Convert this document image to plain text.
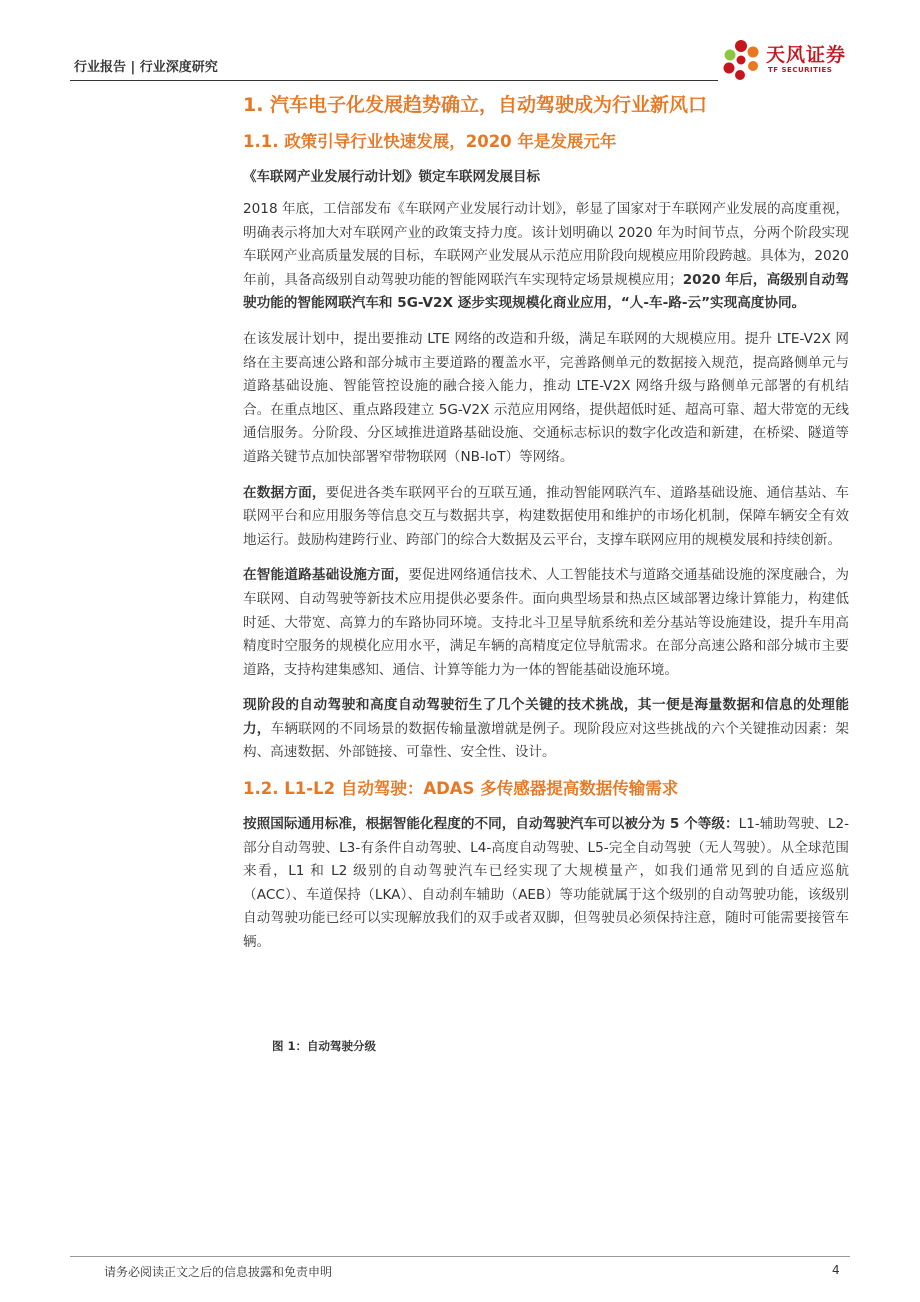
行业报告 | 行业深度研究
天风证券
TF SECURITIES
1. 汽车电子化发展趋势确立，自动驾驶成为行业新风口
1.1. 政策引导行业快速发展，2020 年是发展元年
《车联网产业发展行动计划》锁定车联网发展目标

2018 年底，工信部发布《车联网产业发展行动计划》，彰显了国家对于车联网产业发展的高度重视，明确表示将加大对车联网产业的政策支持力度。该计划明确以 2020 年为时间节点，分两个阶段实现车联网产业高质量发展的目标，车联网产业发展从示范应用阶段向规模应用阶段跨越。具体为，2020 年前，具备高级别自动驾驶功能的智能网联汽车实现特定场景规模应用；2020 年后，高级别自动驾驶功能的智能网联汽车和 5G-V2X 逐步实现规模化商业应用，“人-车-路-云”实现高度协同。

在该发展计划中，提出要推动 LTE 网络的改造和升级，满足车联网的大规模应用。提升 LTE-V2X 网络在主要高速公路和部分城市主要道路的覆盖水平，完善路侧单元的数据接入规范，提高路侧单元与道路基础设施、智能管控设施的融合接入能力，推动 LTE-V2X 网络升级与路侧单元部署的有机结合。在重点地区、重点路段建立 5G-V2X 示范应用网络，提供超低时延、超高可靠、超大带宽的无线通信服务。分阶段、分区域推进道路基础设施、交通标志标识的数字化改造和新建，在桥梁、隧道等道路关键节点加快部署窄带物联网（NB-IoT）等网络。

在数据方面，要促进各类车联网平台的互联互通，推动智能网联汽车、道路基础设施、通信基站、车联网平台和应用服务等信息交互与数据共享，构建数据使用和维护的市场化机制，保障车辆安全有效地运行。鼓励构建跨行业、跨部门的综合大数据及云平台，支撑车联网应用的规模发展和持续创新。

在智能道路基础设施方面，要促进网络通信技术、人工智能技术与道路交通基础设施的深度融合，为车联网、自动驾驶等新技术应用提供必要条件。面向典型场景和热点区域部署边缘计算能力，构建低时延、大带宽、高算力的车路协同环境。支持北斗卫星导航系统和差分基站等设施建设，提升车用高精度时空服务的规模化应用水平，满足车辆的高精度定位导航需求。在部分高速公路和部分城市主要道路，支持构建集感知、通信、计算等能力为一体的智能基础设施环境。

现阶段的自动驾驶和高度自动驾驶衍生了几个关键的技术挑战，其一便是海量数据和信息的处理能力，车辆联网的不同场景的数据传输量激增就是例子。现阶段应对这些挑战的六个关键推动因素：架构、高速数据、外部链接、可靠性、安全性、设计。

1.2. L1-L2 自动驾驶：ADAS 多传感器提高数据传输需求

按照国际通用标准，根据智能化程度的不同，自动驾驶汽车可以被分为 5 个等级：L1-辅助驾驶、L2-部分自动驾驶、L3-有条件自动驾驶、L4-高度自动驾驶、L5-完全自动驾驶（无人驾驶）。从全球范围来看，L1 和 L2 级别的自动驾驶汽车已经实现了大规模量产，如我们通常见到的自适应巡航（ACC）、车道保持（LKA）、自动刹车辅助（AEB）等功能就属于这个级别的自动驾驶功能，该级别自动驾驶功能已经可以实现解放我们的双手或者双脚，但驾驶员必须保持注意，随时可能需要接管车辆。

图 1：自动驾驶分级
请务必阅读正文之后的信息披露和免责申明	4
